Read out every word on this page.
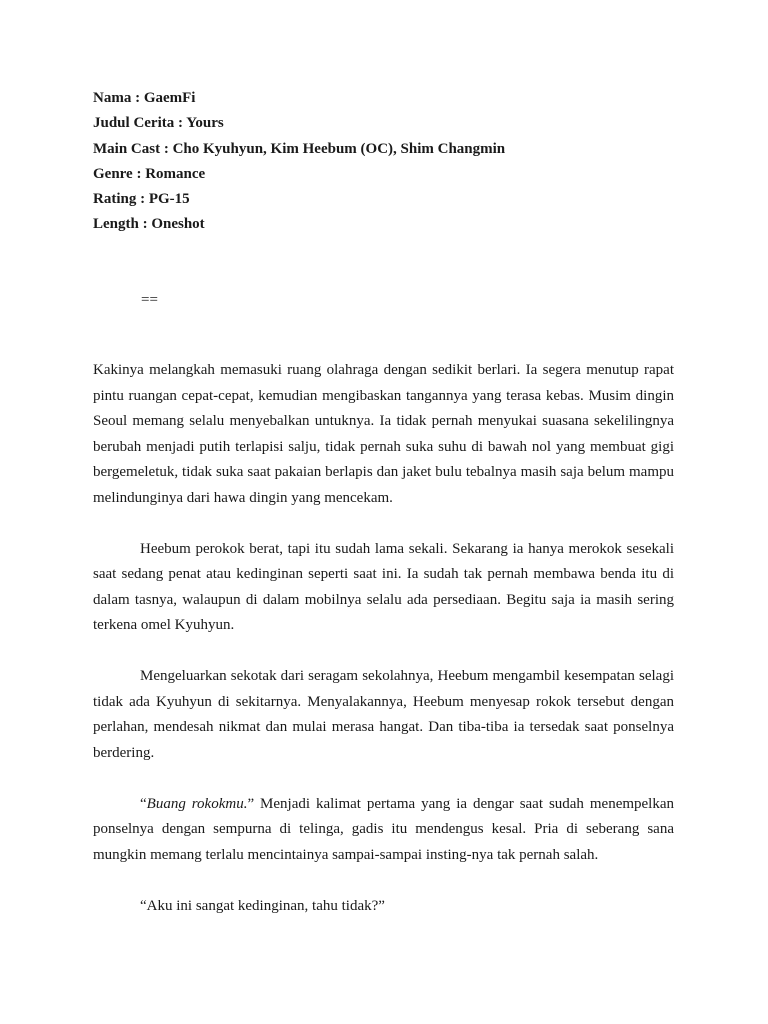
Nama : GaemFi
Judul Cerita : Yours
Main Cast : Cho Kyuhyun, Kim Heebum (OC), Shim Changmin
Genre : Romance
Rating : PG-15
Length : Oneshot
==

Kakinya melangkah memasuki ruang olahraga dengan sedikit berlari. Ia segera menutup rapat pintu ruangan cepat-cepat, kemudian mengibaskan tangannya yang terasa kebas. Musim dingin Seoul memang selalu menyebalkan untuknya. Ia tidak pernah menyukai suasana sekelilingnya berubah menjadi putih terlapisi salju, tidak pernah suka suhu di bawah nol yang membuat gigi bergemeletuk, tidak suka saat pakaian berlapis dan jaket bulu tebalnya masih saja belum mampu melindunginya dari hawa dingin yang mencekam.

Heebum perokok berat, tapi itu sudah lama sekali. Sekarang ia hanya merokok sesekali saat sedang penat atau kedinginan seperti saat ini. Ia sudah tak pernah membawa benda itu di dalam tasnya, walaupun di dalam mobilnya selalu ada persediaan. Begitu saja ia masih sering terkena omel Kyuhyun.

Mengeluarkan sekotak dari seragam sekolahnya, Heebum mengambil kesempatan selagi tidak ada Kyuhyun di sekitarnya. Menyalakannya, Heebum menyesap rokok tersebut dengan perlahan, mendesah nikmat dan mulai merasa hangat. Dan tiba-tiba ia tersedak saat ponselnya berdering.

“Buang rokokmu.” Menjadi kalimat pertama yang ia dengar saat sudah menempelkan ponselnya dengan sempurna di telinga, gadis itu mendengus kesal. Pria di seberang sana mungkin memang terlalu mencintainya sampai-sampai insting-nya tak pernah salah.

“Aku ini sangat kedinginan, tahu tidak?”
